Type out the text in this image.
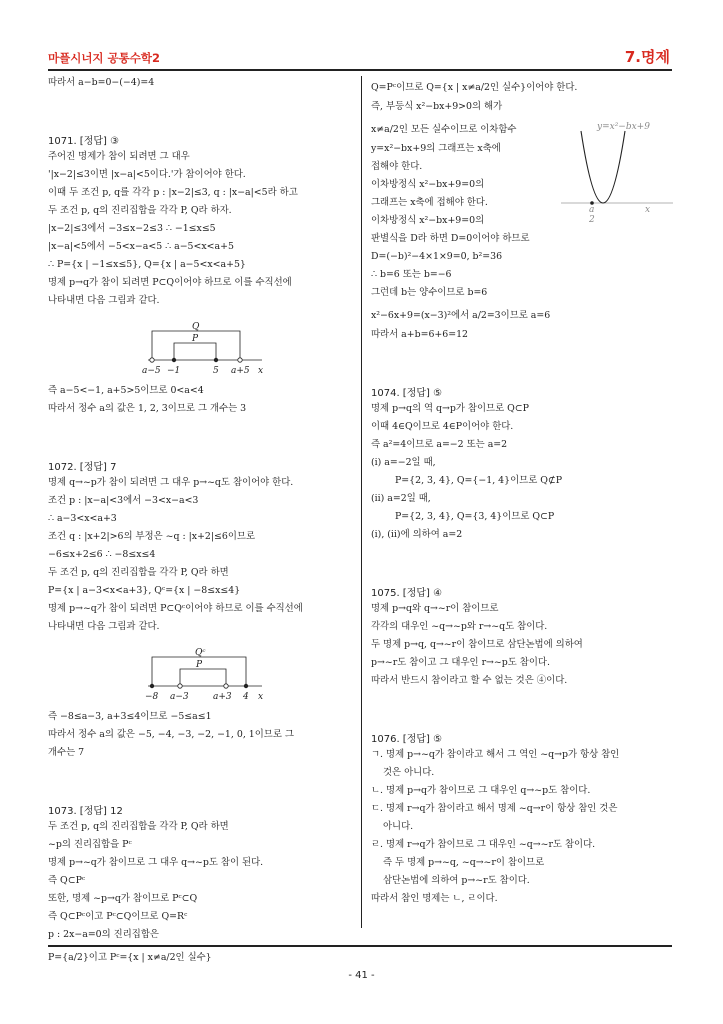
마플시너지 공통수학2	7.명제
따라서 a−b=0−(−4)=4
1071. [정답] ③
주어진 명제가 참이 되려면 그 대우
'|x−2|≤3이면 |x−a|<5이다.'가 참이어야 한다.
이때 두 조건 p, q를 각각 p : |x−2|≤3, q : |x−a|<5라 하고
두 조건 p, q의 진리집합을 각각 P, Q라 하자.
|x−2|≤3에서 −3≤x−2≤3 ∴ −1≤x≤5
|x−a|<5에서 −5<x−a<5 ∴ a−5<x<a+5
∴ P={x | −1≤x≤5}, Q={x | a−5<x<a+5}
명제 p→q가 참이 되려면 P⊂Q이어야 하므로 이를 수직선에
나타내면 다음 그림과 같다.
Q
P
a−5 −1	5 a+5 x
즉 a−5<−1, a+5>5이므로 0<a<4
따라서 정수 a의 값은 1, 2, 3이므로 그 개수는 3
1072. [정답] 7
명제 q→~p가 참이 되려면 그 대우 p→~q도 참이어야 한다.
조건 p : |x−a|<3에서 −3<x−a<3
∴ a−3<x<a+3
조건 q : |x+2|>6의 부정은 ~q : |x+2|≤6이므로
−6≤x+2≤6 ∴ −8≤x≤4
두 조건 p, q의 진리집합을 각각 P, Q라 하면
P={x | a−3<x<a+3}, Qᶜ={x | −8≤x≤4}
명제 p→~q가 참이 되려면 P⊂Qᶜ이어야 하므로 이를 수직선에
나타내면 다음 그림과 같다.
Qᶜ
P
−8 a−3	a+3 4 x
즉 −8≤a−3, a+3≤4이므로 −5≤a≤1
따라서 정수 a의 값은 −5, −4, −3, −2, −1, 0, 1이므로 그
개수는 7
1073. [정답] 12
두 조건 p, q의 진리집합을 각각 P, Q라 하면
~p의 진리집합을 Pᶜ
명제 p→~q가 참이므로 그 대우 q→~p도 참이 된다.
즉 Q⊂Pᶜ
또한, 명제 ~p→q가 참이므로 Pᶜ⊂Q
즉 Q⊂Pᶜ이고 Pᶜ⊂Q이므로 Q=Rᶜ
p : 2x−a=0의 진리집합은
P={a/2}이고 Pᶜ={x | x≠a/2인 실수}
Q=Pᶜ이므로 Q={x | x≠a/2인 실수}이어야 한다.
즉, 부등식 x²−bx+9>0의 해가
x≠a/2인 모든 실수이므로 이차함수
y=x²−bx+9의 그래프는 x축에
접해야 한다.
이차방정식 x²−bx+9=0의
그래프는 x축에 접해야 한다.
이차방정식 x²−bx+9=0의
판별식을 D라 하면 D=0이어야 하므로
D=(−b)²−4×1×9=0, b²=36
∴ b=6 또는 b=−6
그런데 b는 양수이므로 b=6
x²−6x+9=(x−3)²에서 a/2=3이므로 a=6
따라서 a+b=6+6=12
1074. [정답] ⑤
명제 p→q의 역 q→p가 참이므로 Q⊂P
이때 4∈Q이므로 4∈P이어야 한다.
즉 a²=4이므로 a=−2 또는 a=2
(ⅰ) a=−2일 때,
P={2, 3, 4}, Q={−1, 4}이므로 Q⊄P
(ⅱ) a=2일 때,
P={2, 3, 4}, Q={3, 4}이므로 Q⊂P
(ⅰ), (ⅱ)에 의하여 a=2
1075. [정답] ④
명제 p→q와 q→~r이 참이므로
각각의 대우인 ~q→~p와 r→~q도 참이다.
두 명제 p→q, q→~r이 참이므로 삼단논법에 의하여
p→~r도 참이고 그 대우인 r→~p도 참이다.
따라서 반드시 참이라고 할 수 없는 것은 ④이다.
1076. [정답] ⑤
ㄱ. 명제 p→~q가 참이라고 해서 그 역인 ~q→p가 항상 참인
것은 아니다.
ㄴ. 명제 p→q가 참이므로 그 대우인 q→~p도 참이다.
ㄷ. 명제 r→q가 참이라고 해서 명제 ~q→r이 항상 참인 것은
아니다.
ㄹ. 명제 r→q가 참이므로 그 대우인 ~q→~r도 참이다.
즉 두 명제 p→~q, ~q→~r이 참이므로
삼단논법에 의하여 p→~r도 참이다.
따라서 참인 명제는 ㄴ, ㄹ이다.
y=x²−bx+9
a
2
x
- 41 -
